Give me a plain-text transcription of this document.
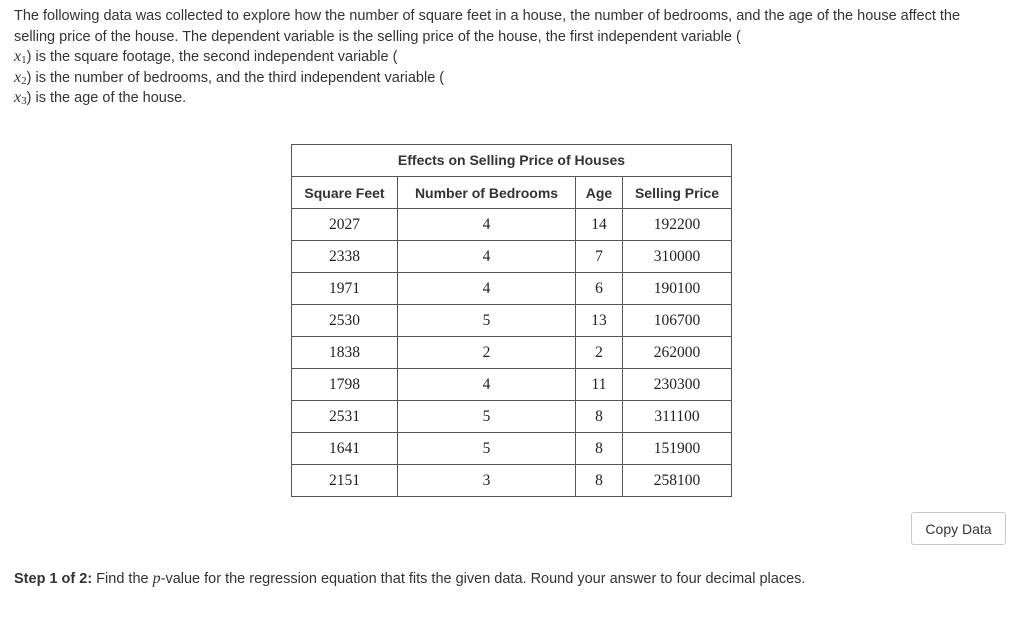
The following data was collected to explore how the number of square feet in a house, the number of bedrooms, and the age of the house affect the
selling price of the house. The dependent variable is the selling price of the house, the first independent variable (
$x_1$) is the square footage, the second independent variable (
$x_2$) is the number of bedrooms, and the third independent variable (
$x_3$) is the age of the house.
Effects on Selling Price of Houses
Square Feet	Number of Bedrooms	Age	Selling Price
2027	4	14	192200
2338	4	7	310000
1971	4	6	190100
2530	5	13	106700
1838	2	2	262000
1798	4	11	230300
2531	5	8	311100
1641	5	8	151900
2151	3	8	258100
Copy Data
Step 1 of 2: Find the p-value for the regression equation that fits the given data. Round your answer to four decimal places.
